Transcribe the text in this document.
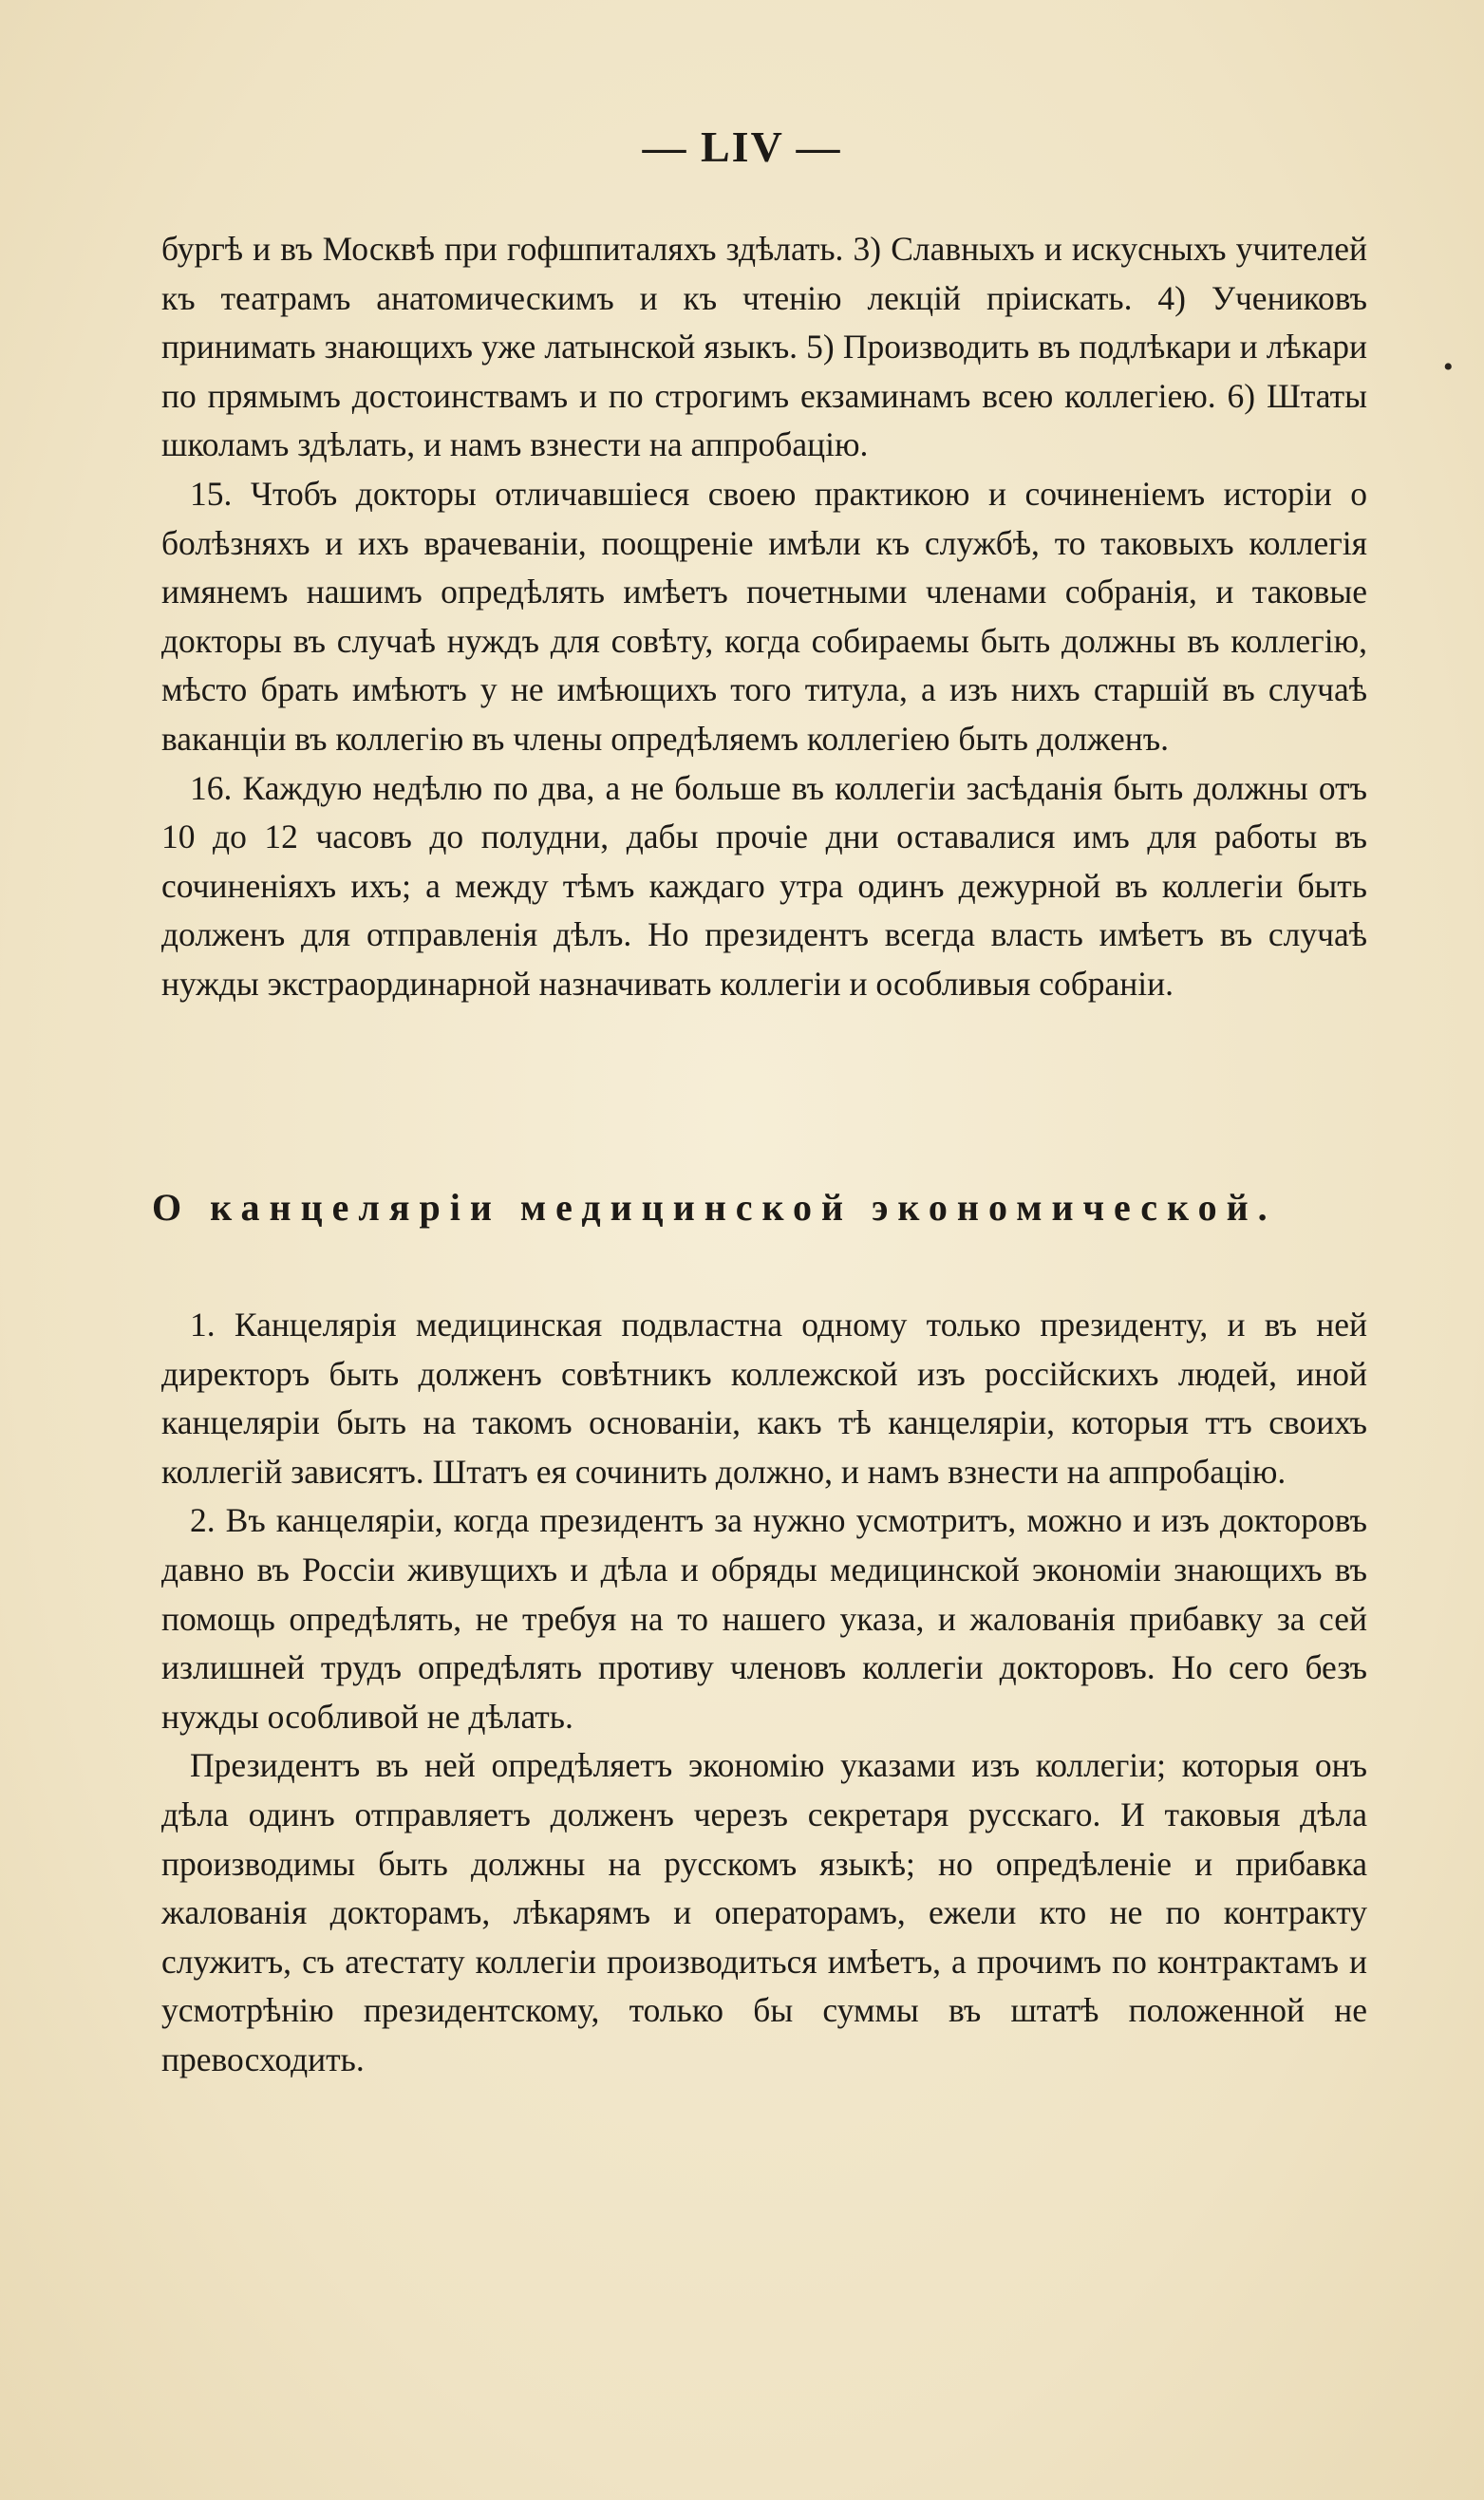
— LIV —

бургѣ и въ Москвѣ при гофшпиталяхъ здѣлать. 3) Славныхъ и искусныхъ учителей къ театрамъ анатомическимъ и къ чтенію лекцій пріискать. 4) Учениковъ принимать знающихъ уже латынской языкъ. 5) Производить въ подлѣкари и лѣкари по прямымъ достоинствамъ и по строгимъ екзаминамъ всею коллегіею. 6) Штаты школамъ здѣлать, и намъ взнести на аппробацію.

15. Чтобъ докторы отличавшіеся своею практикою и сочиненіемъ исторіи о болѣзняхъ и ихъ врачеваніи, поощреніе имѣли къ службѣ, то таковыхъ коллегія имянемъ нашимъ опредѣлять имѣетъ почетными членами собранія, и таковые докторы въ случаѣ нуждъ для совѣту, когда собираемы быть должны въ коллегію, мѣсто брать имѣютъ у не имѣющихъ того титула, а изъ нихъ старшій въ случаѣ ваканціи въ коллегію въ члены опредѣляемъ коллегіею быть долженъ.

16. Каждую недѣлю по два, а не больше въ коллегіи засѣданія быть должны отъ 10 до 12 часовъ до полудни, дабы прочіе дни оставалися имъ для работы въ сочиненіяхъ ихъ; а между тѣмъ каждаго утра одинъ дежурной въ коллегіи быть долженъ для отправленія дѣлъ. Но президентъ всегда власть имѣетъ въ случаѣ нужды экстраординарной назначивать коллегіи и особливыя собраніи.

О канцеляріи медицинской экономической.

1. Канцелярія медицинская подвластна одному только президенту, и въ ней директоръ быть долженъ совѣтникъ коллежской изъ россійскихъ людей, иной канцеляріи быть на такомъ основаніи, какъ тѣ канцеляріи, которыя ттъ своихъ коллегій зависятъ. Штатъ ея сочинить должно, и намъ взнести на аппробацію.

2. Въ канцеляріи, когда президентъ за нужно усмотритъ, можно и изъ докторовъ давно въ Россіи живущихъ и дѣла и обряды медицинской экономіи знающихъ въ помощь опредѣлять, не требуя на то нашего указа, и жалованія прибавку за сей излишней трудъ опредѣлять противу членовъ коллегіи докторовъ. Но сего безъ нужды особливой не дѣлать.

Президентъ въ ней опредѣляетъ экономію указами изъ коллегіи; которыя онъ дѣла одинъ отправляетъ долженъ черезъ секретаря русскаго. И таковыя дѣла производимы быть должны на русскомъ языкѣ; но опредѣленіе и прибавка жалованія докторамъ, лѣкарямъ и операторамъ, ежели кто не по контракту служитъ, съ атестату коллегіи производиться имѣетъ, а прочимъ по контрактамъ и усмотрѣнію президентскому, только бы суммы въ штатѣ положенной не превосходить.

•
